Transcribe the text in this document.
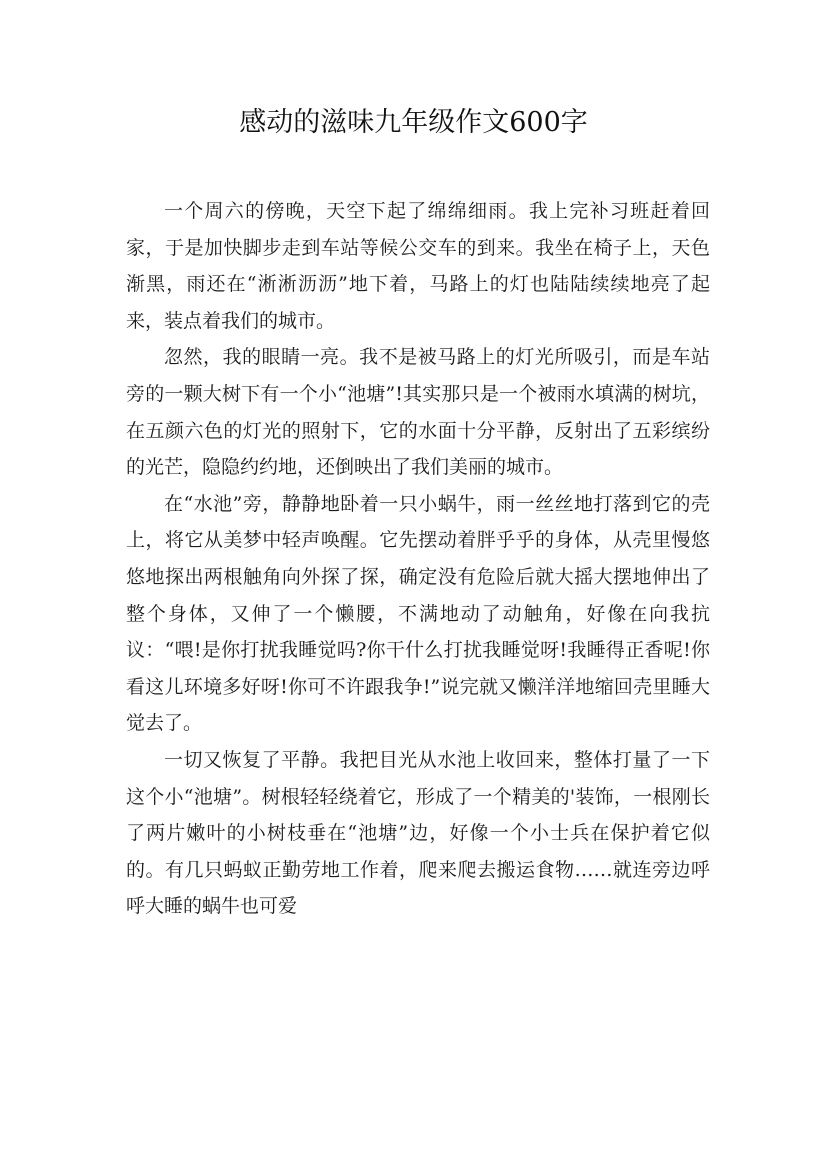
感动的滋味九年级作文600字

一个周六的傍晚，天空下起了绵绵细雨。我上完补习班赶着回家，于是加快脚步走到车站等候公交车的到来。我坐在椅子上，天色渐黑，雨还在“淅淅沥沥”地下着，马路上的灯也陆陆续续地亮了起来，装点着我们的城市。

忽然，我的眼睛一亮。我不是被马路上的灯光所吸引，而是车站旁的一颗大树下有一个小“池塘”!其实那只是一个被雨水填满的树坑，在五颜六色的灯光的照射下，它的水面十分平静，反射出了五彩缤纷的光芒，隐隐约约地，还倒映出了我们美丽的城市。

在“水池”旁，静静地卧着一只小蜗牛，雨一丝丝地打落到它的壳上，将它从美梦中轻声唤醒。它先摆动着胖乎乎的身体，从壳里慢悠悠地探出两根触角向外探了探，确定没有危险后就大摇大摆地伸出了整个身体，又伸了一个懒腰，不满地动了动触角，好像在向我抗议：“喂!是你打扰我睡觉吗?你干什么打扰我睡觉呀!我睡得正香呢!你看这儿环境多好呀!你可不许跟我争!”说完就又懒洋洋地缩回壳里睡大觉去了。

一切又恢复了平静。我把目光从水池上收回来，整体打量了一下这个小“池塘”。树根轻轻绕着它，形成了一个精美的'装饰，一根刚长了两片嫩叶的小树枝垂在“池塘”边，好像一个小士兵在保护着它似的。有几只蚂蚁正勤劳地工作着，爬来爬去搬运食物……就连旁边呼呼大睡的蜗牛也可爱
